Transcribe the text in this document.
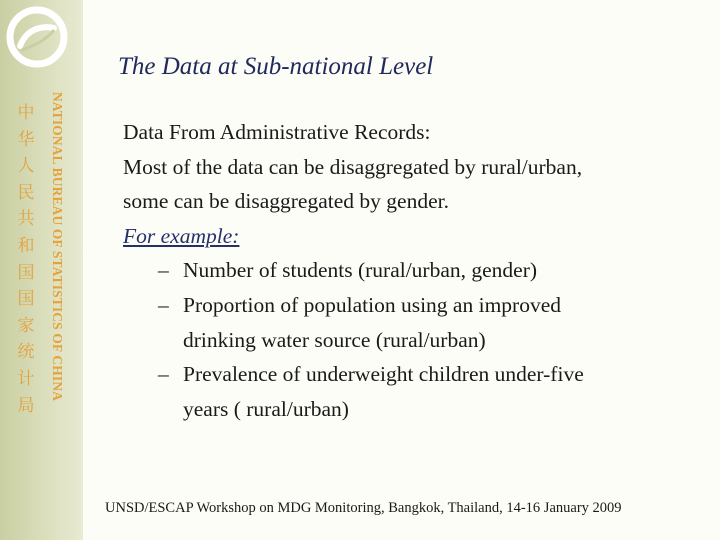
中
华
人
民
共
和
国
国
家
统
计
局
NATIONAL BUREAU OF STATISTICS OF CHINA
The Data at Sub-national Level
Data From Administrative Records:
Most of the data can be disaggregated by rural/urban,
some can be disaggregated by gender.
For example:
– Number of students (rural/urban, gender)
– Proportion of population using an improved
drinking water source (rural/urban)
– Prevalence of underweight children under-five
years ( rural/urban)
UNSD/ESCAP Workshop on MDG Monitoring, Bangkok, Thailand, 14-16 January 2009
